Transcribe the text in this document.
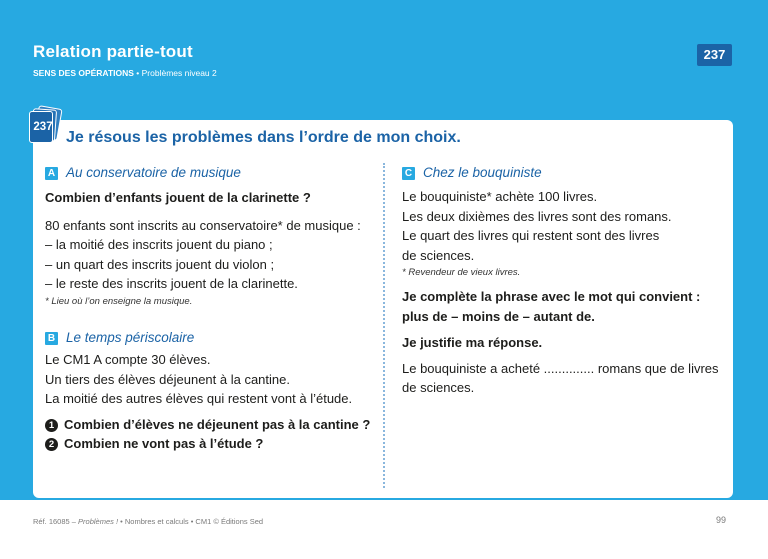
Relation partie-tout
SENS DES OPÉRATIONS • Problèmes niveau 2
237
237
Je résous les problèmes dans l’ordre de mon choix.
A Au conservatoire de musique
Combien d’enfants jouent de la clarinette ?
80 enfants sont inscrits au conservatoire* de musique :
– la moitié des inscrits jouent du piano ;
– un quart des inscrits jouent du violon ;
– le reste des inscrits jouent de la clarinette.
* Lieu où l’on enseigne la musique.
B Le temps périscolaire
Le CM1 A compte 30 élèves.
Un tiers des élèves déjeunent à la cantine.
La moitié des autres élèves qui restent vont à l’étude.
1 Combien d’élèves ne déjeunent pas à la cantine ?
2 Combien ne vont pas à l’étude ?
C Chez le bouquiniste
Le bouquiniste* achète 100 livres.
Les deux dixièmes des livres sont des romans.
Le quart des livres qui restent sont des livres
de sciences.
* Revendeur de vieux livres.
Je complète la phrase avec le mot qui convient :
plus de – moins de – autant de.
Je justifie ma réponse.
Le bouquiniste a acheté .............. romans que de livres
de sciences.
Réf. 16085 – Problèmes ! • Nombres et calculs • CM1 © Éditions Sed	99
